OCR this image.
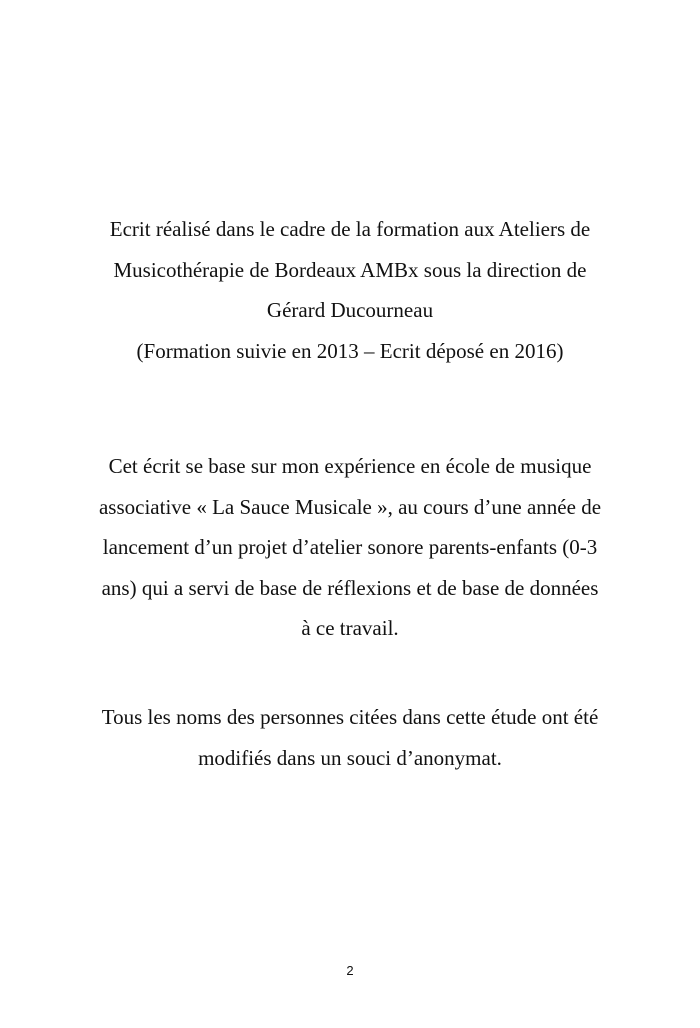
Ecrit réalisé dans le cadre de la formation aux Ateliers de
Musicothérapie de Bordeaux AMBx sous la direction de
Gérard Ducourneau
(Formation suivie en 2013 – Ecrit déposé en 2016)
Cet écrit se base sur mon expérience en école de musique
associative « La Sauce Musicale », au cours d’une année de
lancement d’un projet d’atelier sonore parents-enfants (0-3
ans) qui a servi de base de réflexions et de base de données
à ce travail.
Tous les noms des personnes citées dans cette étude ont été
modifiés dans un souci d’anonymat.
2
